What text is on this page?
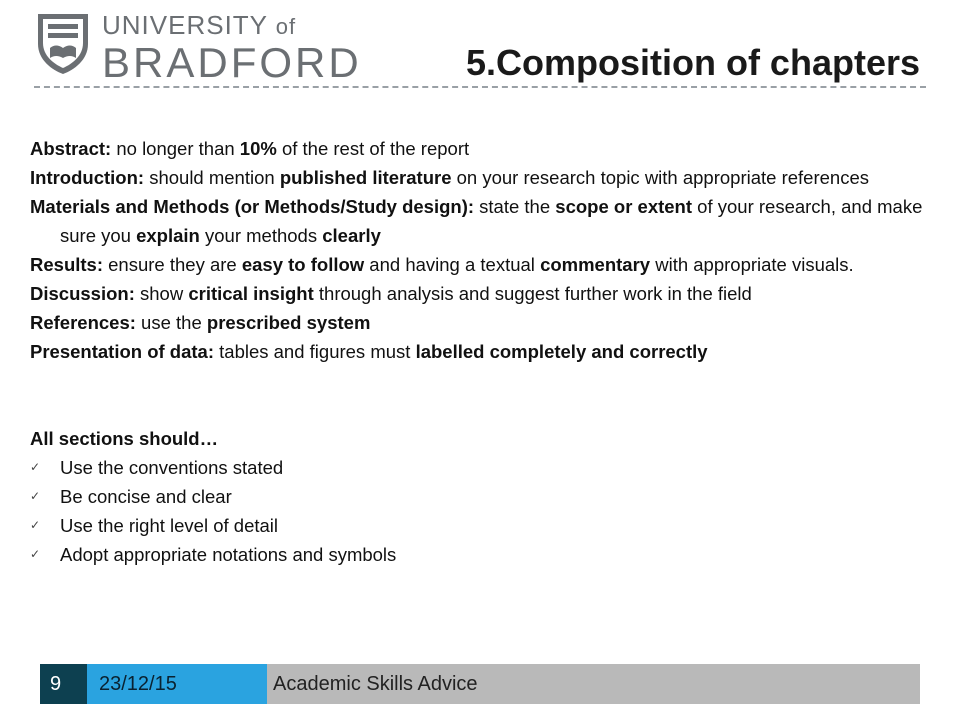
UNIVERSITY of
BRADFORD	5.Composition of chapters
Abstract: no longer than 10% of the rest of the report
Introduction: should mention published literature on your research topic with appropriate references
Materials and Methods (or Methods/Study design): state the scope or extent of your research, and make sure you explain your methods clearly
Results: ensure they are easy to follow and having a textual commentary with appropriate visuals.
Discussion: show critical insight through analysis and suggest further work in the field
References: use the prescribed system
Presentation of data: tables and figures must labelled completely and correctly
All sections should…
✓	Use the conventions stated
✓	Be concise and clear
✓	Use the right level of detail
✓	Adopt appropriate notations and symbols
9	23/12/15	Academic Skills Advice
